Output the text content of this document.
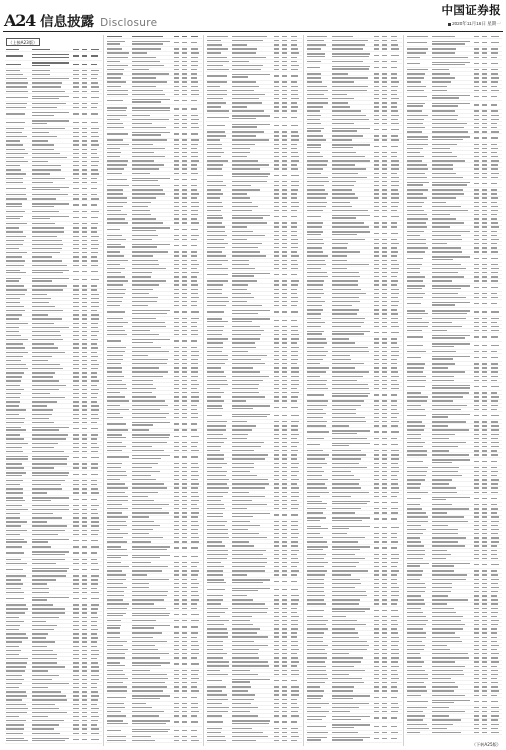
A24 信息披露 Disclosure
中国证券报
2020年11月16日 星期一
（上接A23版）
（下转A25版）
